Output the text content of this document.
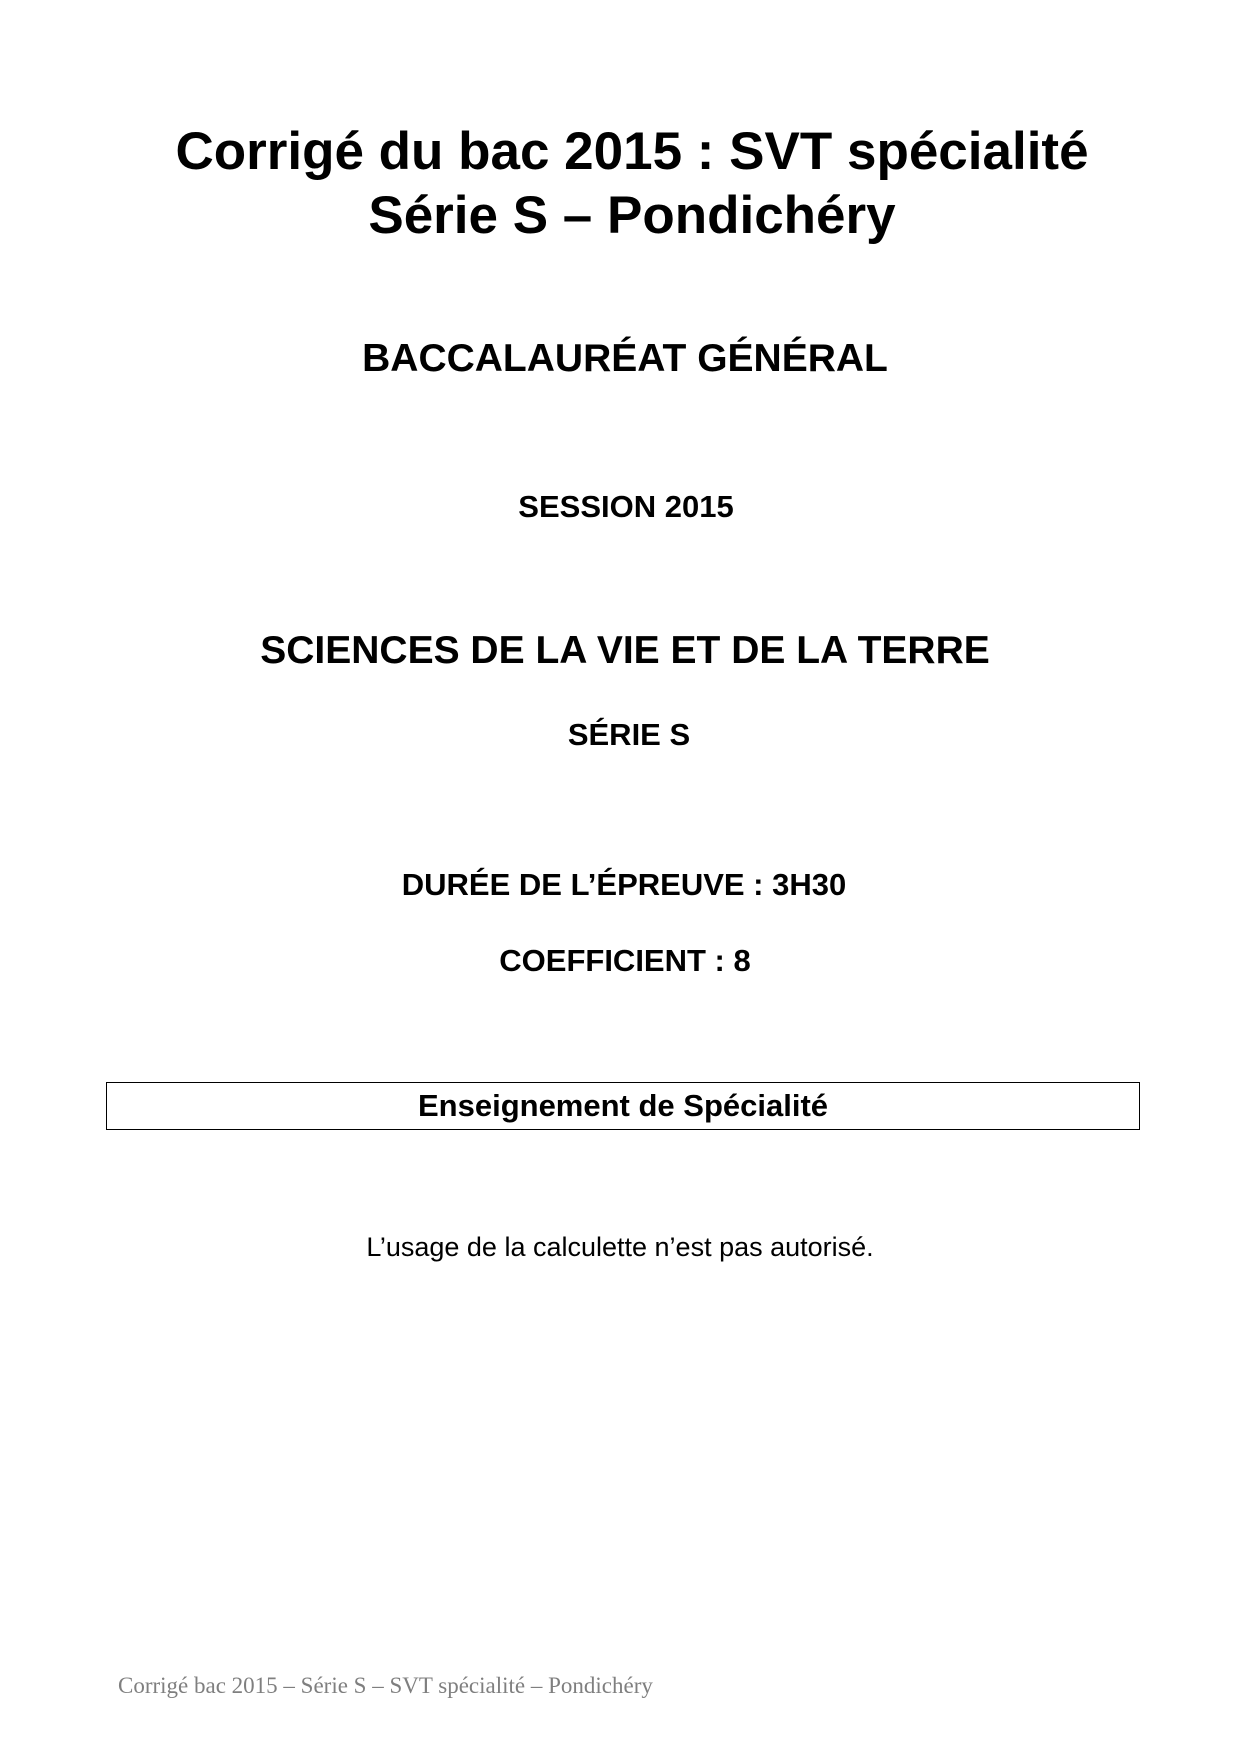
Corrigé du bac 2015 : SVT spécialité
Série S – Pondichéry
BACCALAURÉAT GÉNÉRAL
SESSION 2015
SCIENCES DE LA VIE ET DE LA TERRE
SÉRIE S
DURÉE DE L’ÉPREUVE : 3H30
COEFFICIENT : 8
Enseignement de Spécialité
L’usage de la calculette n’est pas autorisé.
Corrigé bac 2015 – Série S – SVT spécialité – Pondichéry
